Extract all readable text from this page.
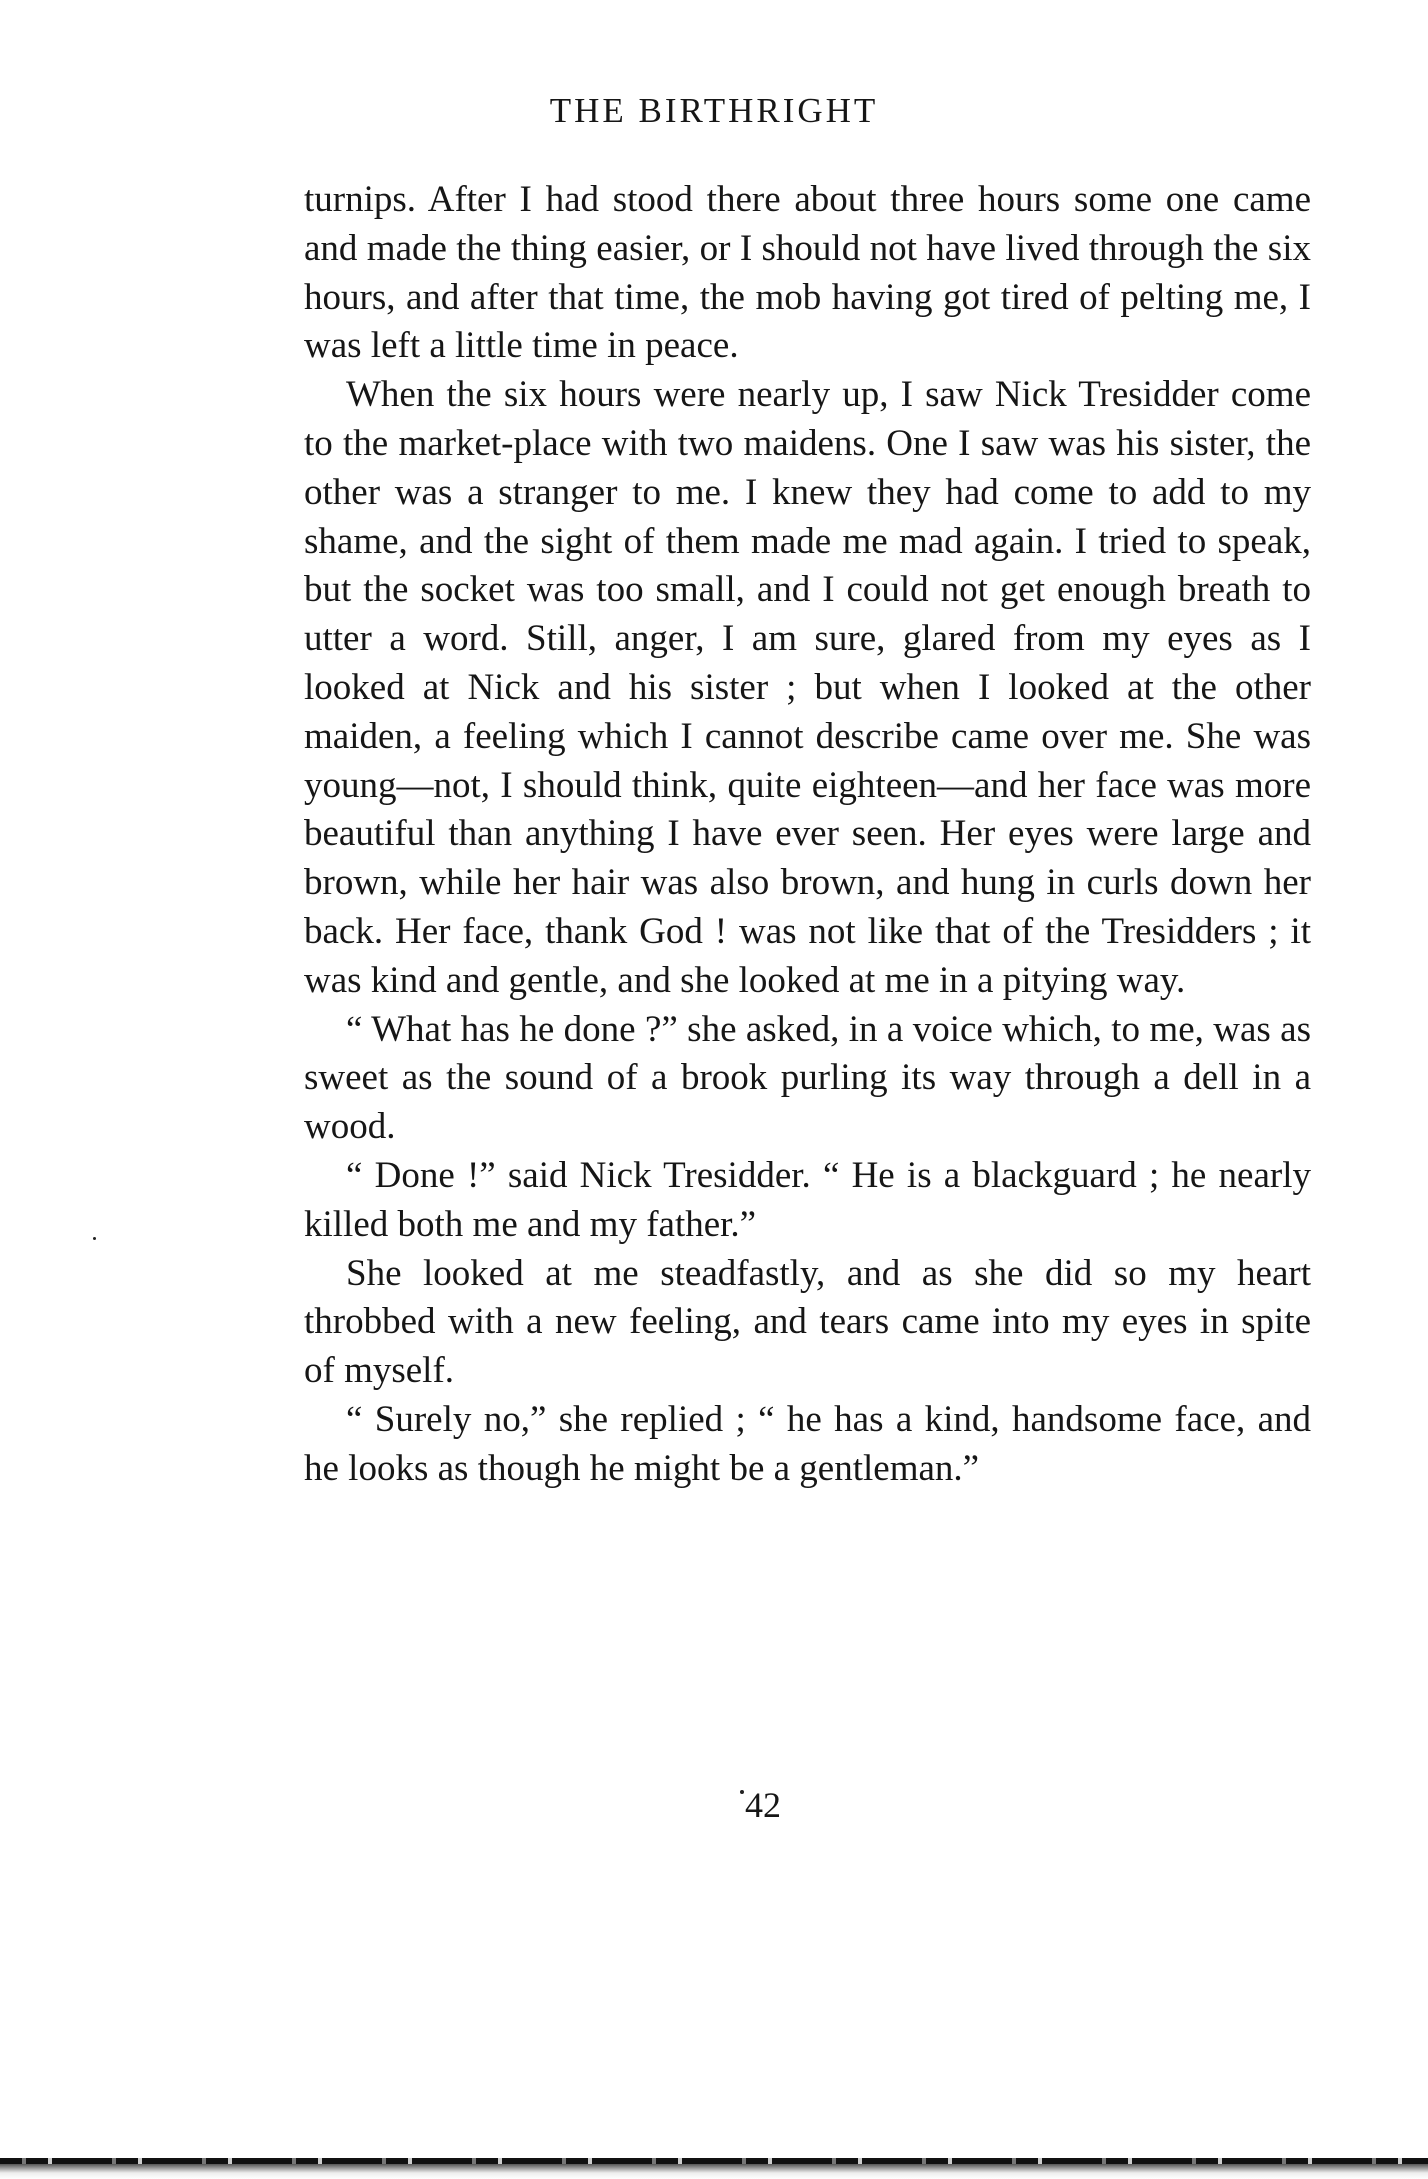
THE BIRTHRIGHT

turnips. After I had stood there about three hours some one came and made the thing easier, or I should not have lived through the six hours, and after that time, the mob having got tired of pelting me, I was left a little time in peace.

When the six hours were nearly up, I saw Nick Tresidder come to the market-place with two maidens. One I saw was his sister, the other was a stranger to me. I knew they had come to add to my shame, and the sight of them made me mad again. I tried to speak, but the socket was too small, and I could not get enough breath to utter a word. Still, anger, I am sure, glared from my eyes as I looked at Nick and his sister ; but when I looked at the other maiden, a feeling which I cannot describe came over me. She was young—not, I should think, quite eighteen—and her face was more beautiful than anything I have ever seen. Her eyes were large and brown, while her hair was also brown, and hung in curls down her back. Her face, thank God ! was not like that of the Tresidders ; it was kind and gentle, and she looked at me in a pitying way.

“ What has he done ?” she asked, in a voice which, to me, was as sweet as the sound of a brook purling its way through a dell in a wood.

“ Done !” said Nick Tresidder. “ He is a blackguard ; he nearly killed both me and my father.”

She looked at me steadfastly, and as she did so my heart throbbed with a new feeling, and tears came into my eyes in spite of myself.

“ Surely no,” she replied ; “ he has a kind, handsome face, and he looks as though he might be a gentleman.”

42
